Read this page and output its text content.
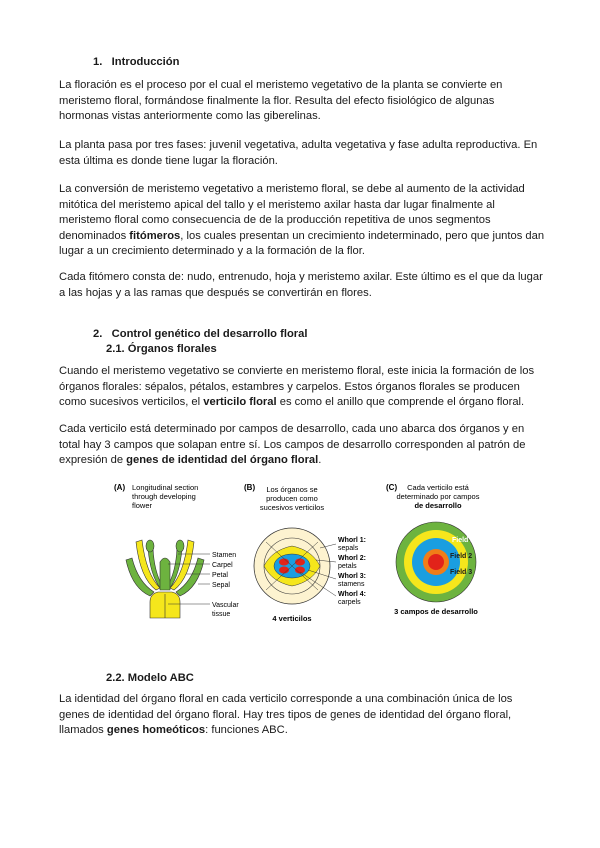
1. Introducción

La floración es el proceso por el cual el meristemo vegetativo de la planta se convierte en meristemo floral, formándose finalmente la flor. Resulta del efecto fisiológico de algunas hormonas vistas anteriormente como las giberelinas.

La planta pasa por tres fases: juvenil vegetativa, adulta vegetativa y fase adulta reproductiva. En esta última es donde tiene lugar la floración.

La conversión de meristemo vegetativo a meristemo floral, se debe al aumento de la actividad mitótica del meristemo apical del tallo y el meristemo axilar hasta dar lugar finalmente al meristemo floral como consecuencia de de la producción repetitiva de unos segmentos denominados fitómeros, los cuales presentan un crecimiento indeterminado, pero que juntos dan lugar a un crecimiento determinado y a la formación de la flor.

Cada fitómero consta de: nudo, entrenudo, hoja y meristemo axilar. Este último es el que da lugar a las hojas y a las ramas que después se convertirán en flores.

2. Control genético del desarrollo floral
2.1. Órganos florales

Cuando el meristemo vegetativo se convierte en meristemo floral, este inicia la formación de los órganos florales: sépalos, pétalos, estambres y carpelos. Estos órganos florales se producen como sucesivos verticilos, el verticilo floral es como el anillo que comprende el órgano floral.

Cada verticilo está determinado por campos de desarrollo, cada uno abarca dos órganos y en total hay 3 campos que solapan entre sí. Los campos de desarrollo corresponden al patrón de expresión de genes de identidad del órgano floral.

(A) Longitudinal section
through developing
flower
Stamen
Carpel
Petal
Sepal
Vascular
tissue
(B) Los órganos se
producen como
sucesivos verticilos
4 verticilos
Whorl 1:
sepals
Whorl 2:
petals
Whorl 3:
stamens
Whorl 4:
carpels
(C) Cada verticilo está
determinado por campos
de desarrollo
Field 1
Field 2
Field 3
3 campos de desarrollo
2.2. Modelo ABC

La identidad del órgano floral en cada verticilo corresponde a una combinación única de los genes de identidad del órgano floral. Hay tres tipos de genes de identidad del órgano floral, llamados genes homeóticos: funciones ABC.
